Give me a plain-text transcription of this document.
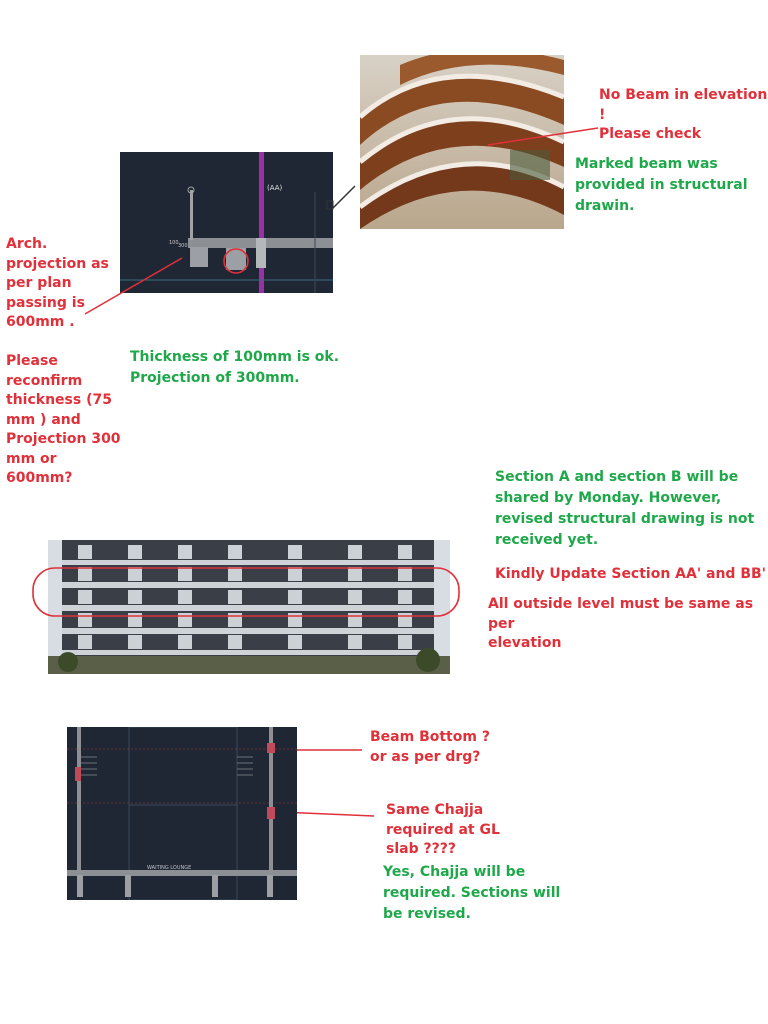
(AA)
300
100
WAITING LOUNGE
No Beam in elevation !
Please check
Marked beam was
provided in structural
drawin.
Arch.
projection as
per plan
passing is
600mm .
Please
reconfirm
thickness (75
mm ) and
Projection 300
mm or
600mm?
Thickness of 100mm is ok.
Projection of 300mm.
Section A and section B will be
shared by Monday. However,
revised structural drawing is not
received yet.
Kindly Update Section AA' and BB'
All outside level must be same as per
elevation
Beam Bottom ?
or as per drg?
Same Chajja
required at GL
slab ????
Yes, Chajja will be
required. Sections will
be revised.
